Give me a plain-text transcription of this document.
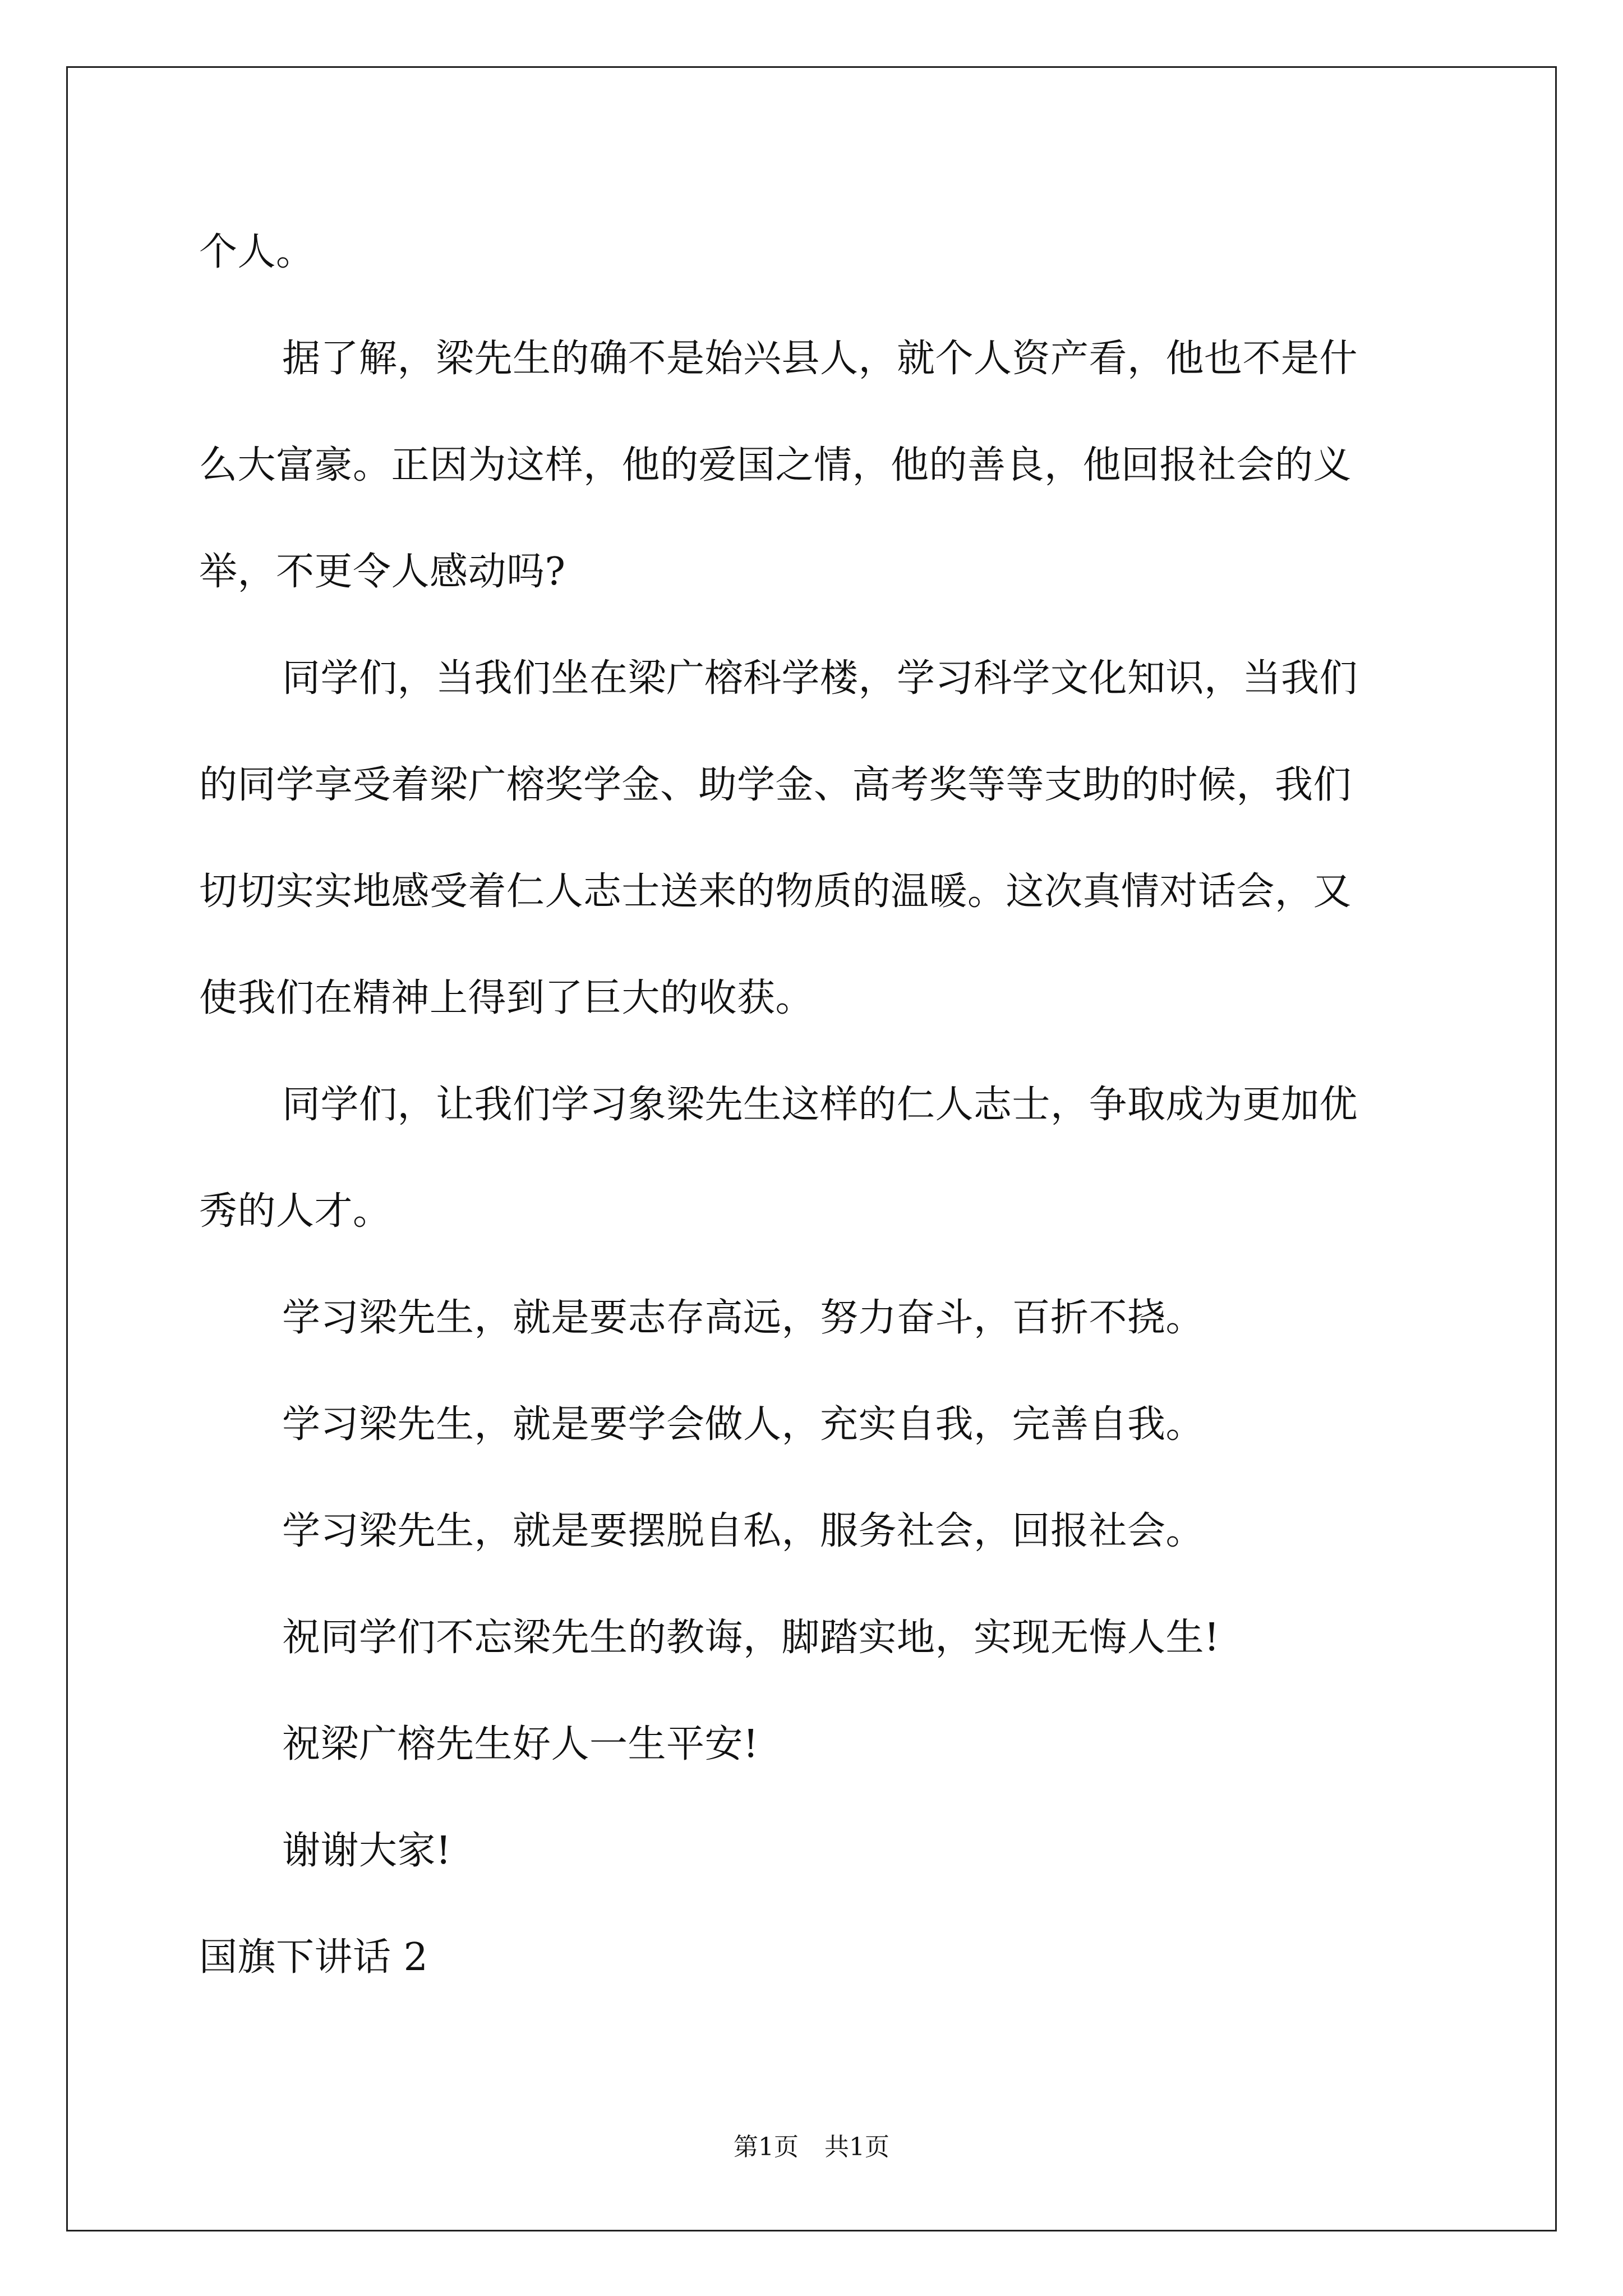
个人。
据了解，梁先生的确不是始兴县人，就个人资产看，他也不是什
么大富豪。正因为这样，他的爱国之情，他的善良，他回报社会的义
举，不更令人感动吗?
同学们，当我们坐在梁广榕科学楼，学习科学文化知识，当我们
的同学享受着梁广榕奖学金、助学金、高考奖等等支助的时候，我们
切切实实地感受着仁人志士送来的物质的温暖。这次真情对话会，又
使我们在精神上得到了巨大的收获。
同学们，让我们学习象梁先生这样的仁人志士，争取成为更加优
秀的人才。
学习梁先生，就是要志存高远，努力奋斗，百折不挠。
学习梁先生，就是要学会做人，充实自我，完善自我。
学习梁先生，就是要摆脱自私，服务社会，回报社会。
祝同学们不忘梁先生的教诲，脚踏实地，实现无悔人生!
祝梁广榕先生好人一生平安!
谢谢大家!
国旗下讲话 2
第1页 共1页
